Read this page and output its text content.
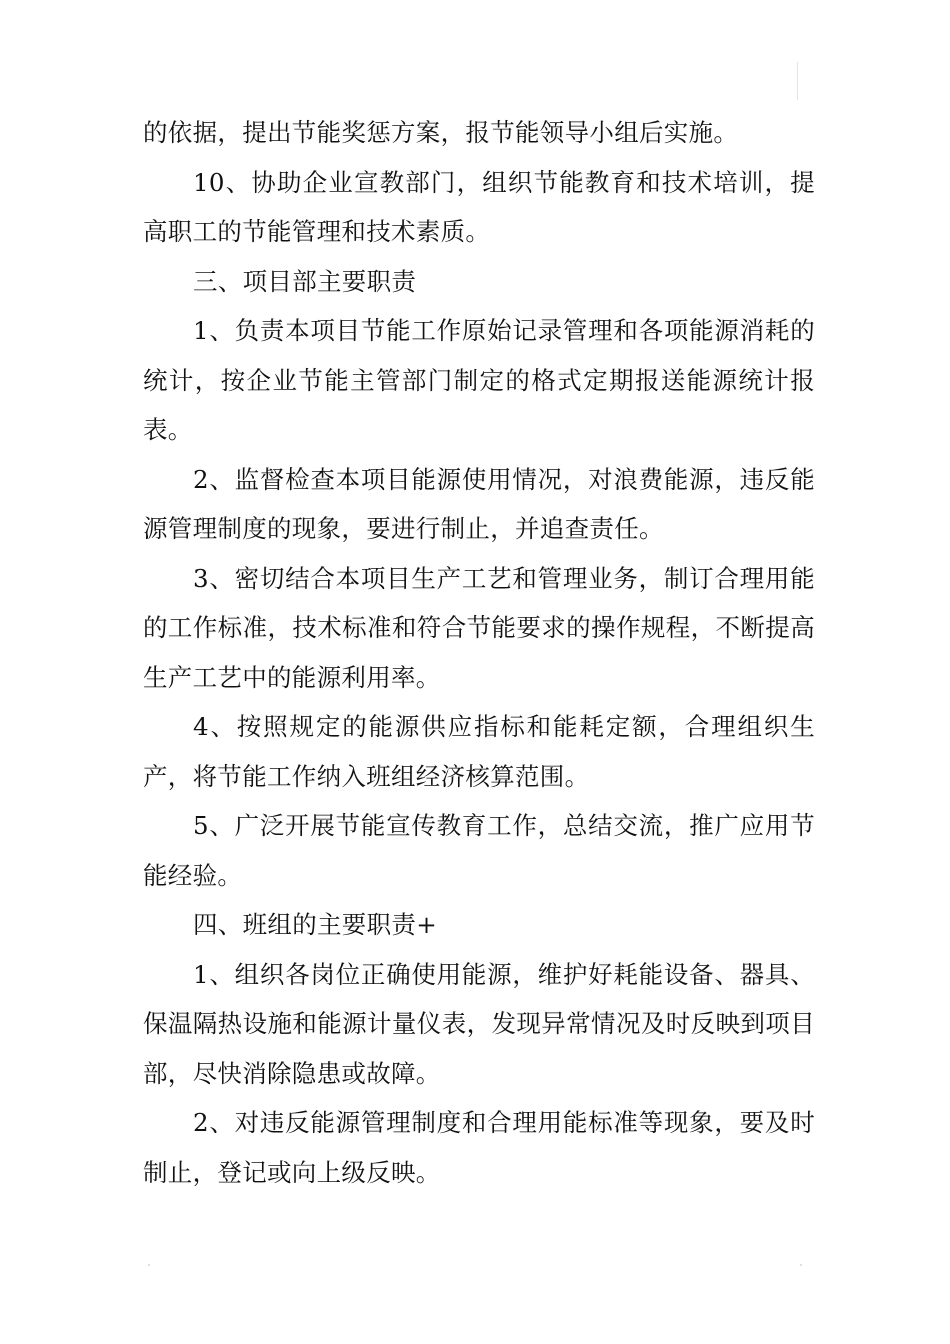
的依据，提出节能奖惩方案，报节能领导小组后实施。

10、协助企业宣教部门，组织节能教育和技术培训，提高职工的节能管理和技术素质。

三、项目部主要职责

1、负责本项目节能工作原始记录管理和各项能源消耗的统计，按企业节能主管部门制定的格式定期报送能源统计报表。

2、监督检查本项目能源使用情况，对浪费能源，违反能源管理制度的现象，要进行制止，并追查责任。

3、密切结合本项目生产工艺和管理业务，制订合理用能的工作标准，技术标准和符合节能要求的操作规程，不断提高生产工艺中的能源利用率。

4、按照规定的能源供应指标和能耗定额，合理组织生产，将节能工作纳入班组经济核算范围。

5、广泛开展节能宣传教育工作，总结交流，推广应用节能经验。

四、班组的主要职责+

1、组织各岗位正确使用能源，维护好耗能设备、器具、保温隔热设施和能源计量仪表，发现异常情况及时反映到项目部，尽快消除隐患或故障。

2、对违反能源管理制度和合理用能标准等现象，要及时制止，登记或向上级反映。
